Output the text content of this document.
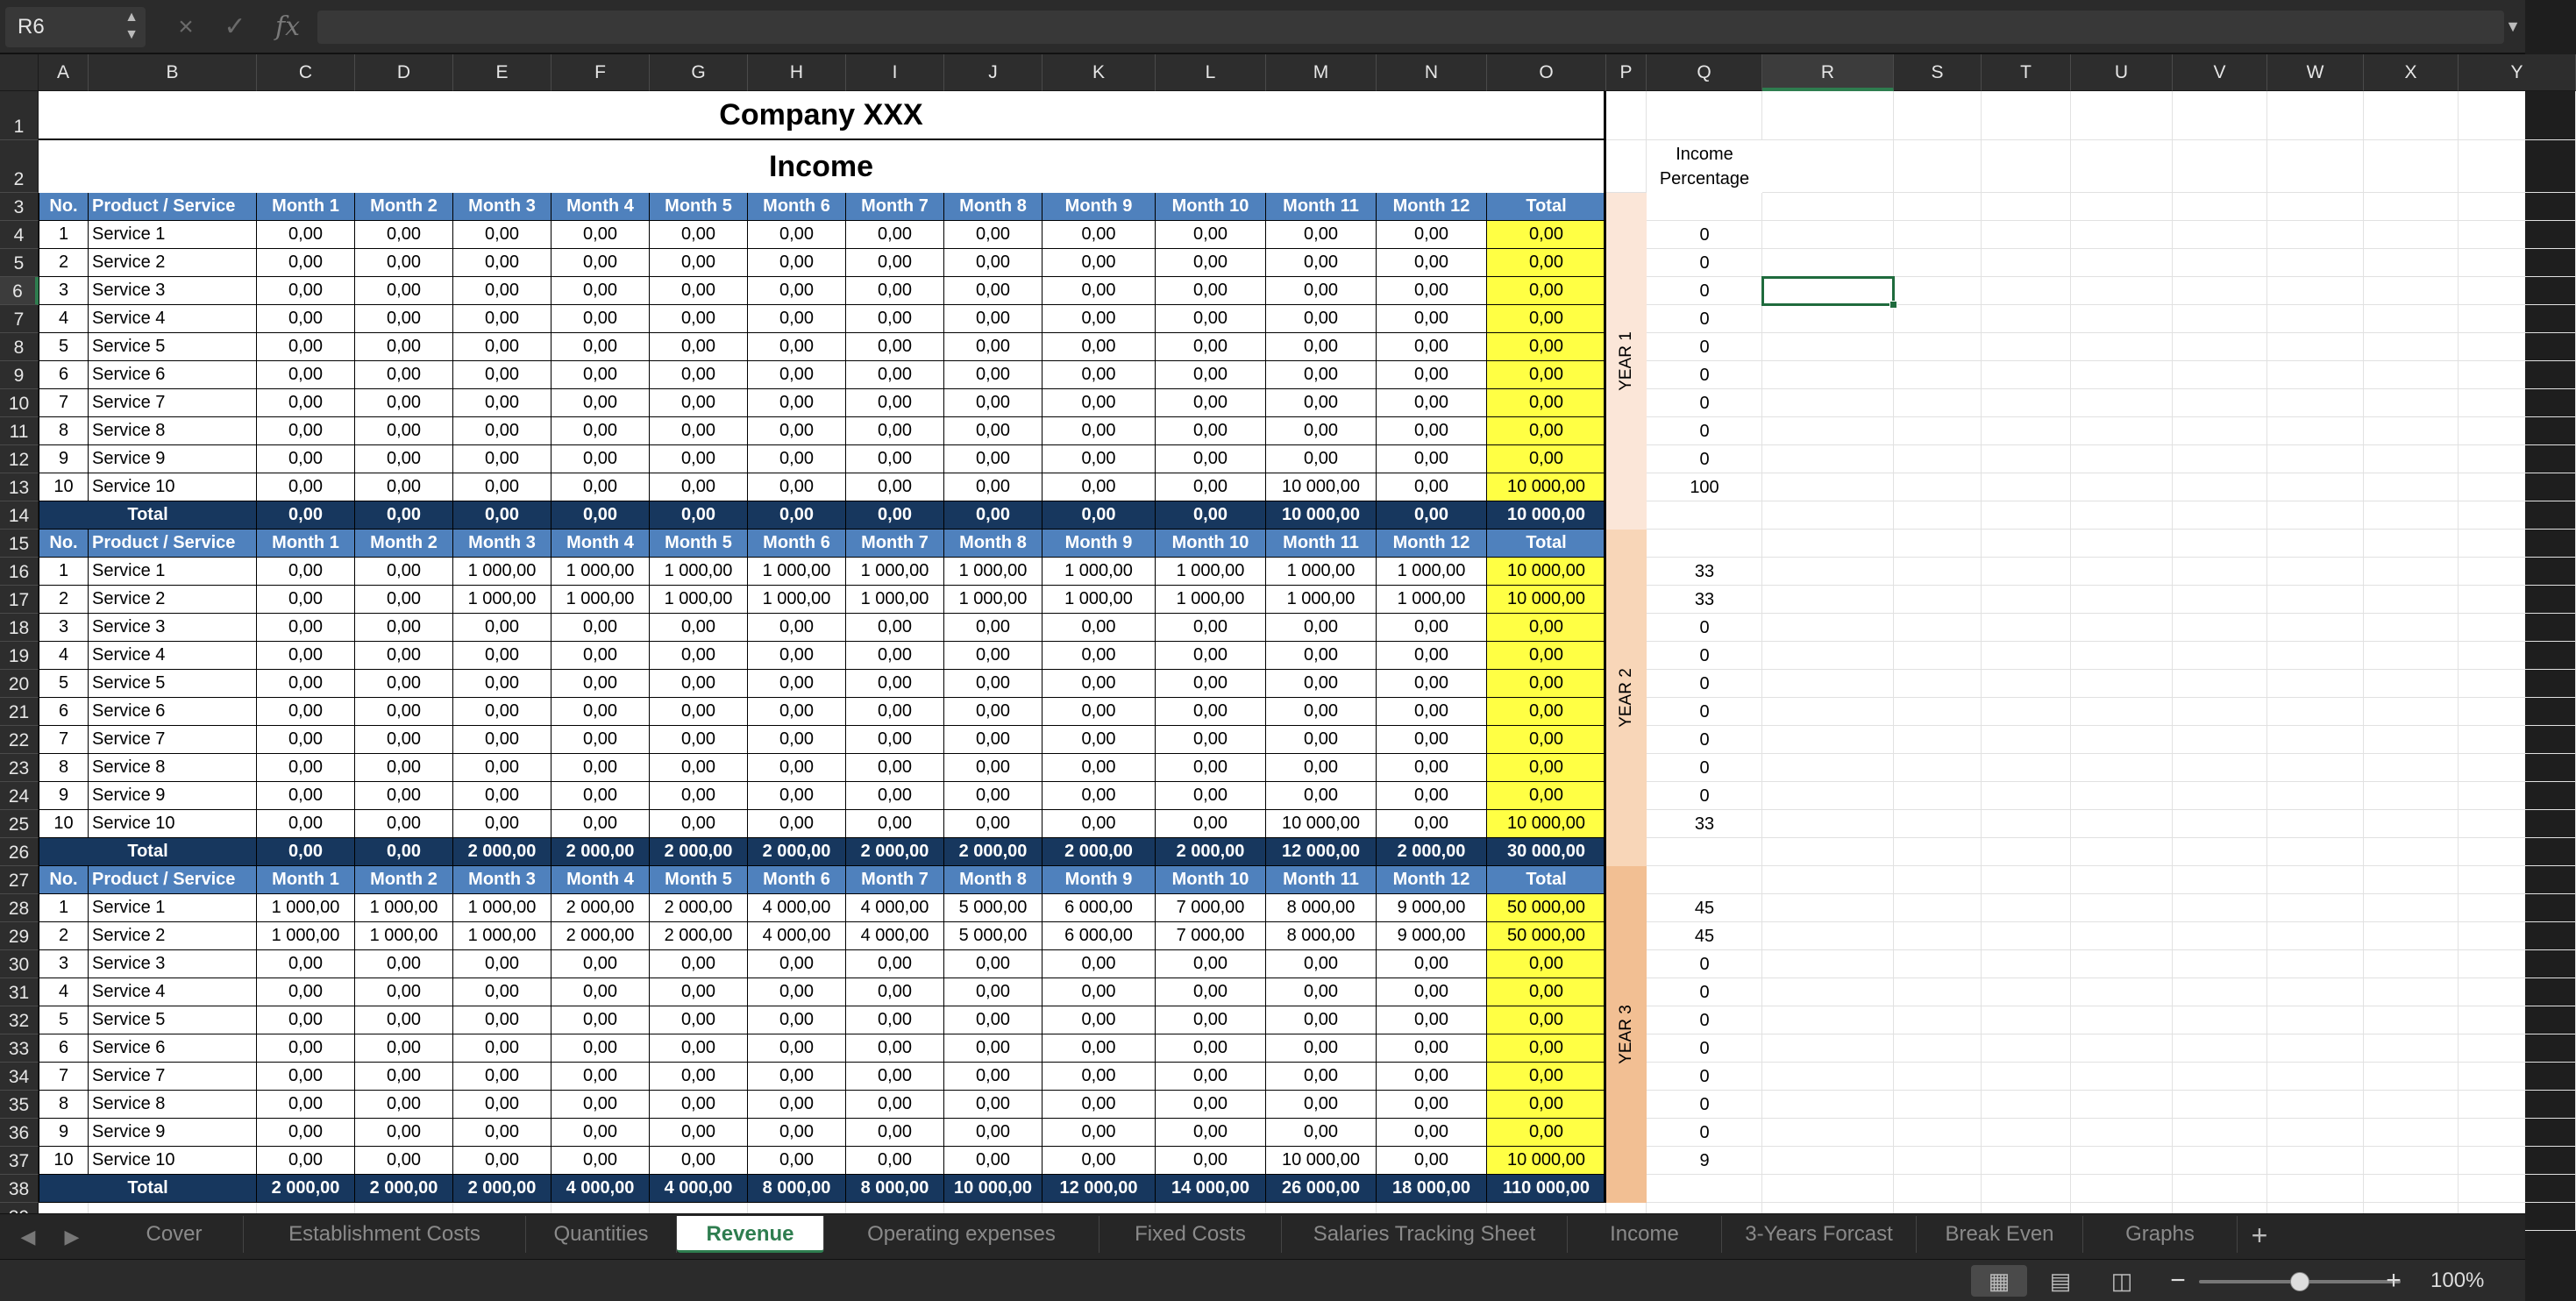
R6	▲
▼	×	✓	fx	▼
A	B	C	D	E	F	G	H	I	J	K	L	M	N	O	P	Q	R	S	T	U	V	W	X	Y
1
2
3
4
5
6
7
8
9
10
11
12
13
14
15
16
17
18
19
20
21
22
23
24
25
26
27
28
29
30
31
32
33
34
35
36
37
38
Company XXX
Income	Income Percentage
No. Product / Service	Month 1	Month 2	Month 3	Month 4	Month 5	Month 6	Month 7	Month 8	Month 9	Month 10	Month 11	Month 12	Total
1	Service 1	0,00	0,00	0,00	0,00	0,00	0,00	0,00	0,00	0,00	0,00	0,00	0,00	0,00	0
2	Service 2	0,00	0,00	0,00	0,00	0,00	0,00	0,00	0,00	0,00	0,00	0,00	0,00	0,00	0
3	Service 3	0,00	0,00	0,00	0,00	0,00	0,00	0,00	0,00	0,00	0,00	0,00	0,00	0,00	0
4	Service 4	0,00	0,00	0,00	0,00	0,00	0,00	0,00	0,00	0,00	0,00	0,00	0,00	0,00	0
5	Service 5	0,00	0,00	0,00	0,00	0,00	0,00	0,00	0,00	0,00	0,00	0,00	0,00	0,00	0
6	Service 6	0,00	0,00	0,00	0,00	0,00	0,00	0,00	0,00	0,00	0,00	0,00	0,00	0,00	0
7	Service 7	0,00	0,00	0,00	0,00	0,00	0,00	0,00	0,00	0,00	0,00	0,00	0,00	0,00	0
8	Service 8	0,00	0,00	0,00	0,00	0,00	0,00	0,00	0,00	0,00	0,00	0,00	0,00	0,00	0
9	Service 9	0,00	0,00	0,00	0,00	0,00	0,00	0,00	0,00	0,00	0,00	0,00	0,00	0,00	0
10	Service 10	0,00	0,00	0,00	0,00	0,00	0,00	0,00	0,00	0,00	0,00	10 000,00	0,00	10 000,00	100
Total	0,00	0,00	0,00	0,00	0,00	0,00	0,00	0,00	0,00	0,00	10 000,00	0,00	10 000,00
YEAR 1
No. Product / Service	Month 1	Month 2	Month 3	Month 4	Month 5	Month 6	Month 7	Month 8	Month 9	Month 10	Month 11	Month 12	Total
1	Service 1	0,00	0,00	1 000,00	1 000,00	1 000,00	1 000,00	1 000,00	1 000,00	1 000,00	1 000,00	1 000,00	1 000,00	10 000,00	33
2	Service 2	0,00	0,00	1 000,00	1 000,00	1 000,00	1 000,00	1 000,00	1 000,00	1 000,00	1 000,00	1 000,00	1 000,00	10 000,00	33
3	Service 3	0,00	0,00	0,00	0,00	0,00	0,00	0,00	0,00	0,00	0,00	0,00	0,00	0,00	0
4	Service 4	0,00	0,00	0,00	0,00	0,00	0,00	0,00	0,00	0,00	0,00	0,00	0,00	0,00	0
5	Service 5	0,00	0,00	0,00	0,00	0,00	0,00	0,00	0,00	0,00	0,00	0,00	0,00	0,00	0
6	Service 6	0,00	0,00	0,00	0,00	0,00	0,00	0,00	0,00	0,00	0,00	0,00	0,00	0,00	0
7	Service 7	0,00	0,00	0,00	0,00	0,00	0,00	0,00	0,00	0,00	0,00	0,00	0,00	0,00	0
8	Service 8	0,00	0,00	0,00	0,00	0,00	0,00	0,00	0,00	0,00	0,00	0,00	0,00	0,00	0
9	Service 9	0,00	0,00	0,00	0,00	0,00	0,00	0,00	0,00	0,00	0,00	0,00	0,00	0,00	0
10	Service 10	0,00	0,00	0,00	0,00	0,00	0,00	0,00	0,00	0,00	0,00	10 000,00	0,00	10 000,00	33
Total	0,00	0,00	2 000,00	2 000,00	2 000,00	2 000,00	2 000,00	2 000,00	2 000,00	2 000,00	12 000,00	2 000,00	30 000,00
YEAR 2
No. Product / Service	Month 1	Month 2	Month 3	Month 4	Month 5	Month 6	Month 7	Month 8	Month 9	Month 10	Month 11	Month 12	Total
1	Service 1	1 000,00	1 000,00	1 000,00	2 000,00	2 000,00	4 000,00	4 000,00	5 000,00	6 000,00	7 000,00	8 000,00	9 000,00	50 000,00	45
2	Service 2	1 000,00	1 000,00	1 000,00	2 000,00	2 000,00	4 000,00	4 000,00	5 000,00	6 000,00	7 000,00	8 000,00	9 000,00	50 000,00	45
3	Service 3	0,00	0,00	0,00	0,00	0,00	0,00	0,00	0,00	0,00	0,00	0,00	0,00	0,00	0
4	Service 4	0,00	0,00	0,00	0,00	0,00	0,00	0,00	0,00	0,00	0,00	0,00	0,00	0,00	0
5	Service 5	0,00	0,00	0,00	0,00	0,00	0,00	0,00	0,00	0,00	0,00	0,00	0,00	0,00	0
6	Service 6	0,00	0,00	0,00	0,00	0,00	0,00	0,00	0,00	0,00	0,00	0,00	0,00	0,00	0
7	Service 7	0,00	0,00	0,00	0,00	0,00	0,00	0,00	0,00	0,00	0,00	0,00	0,00	0,00	0
8	Service 8	0,00	0,00	0,00	0,00	0,00	0,00	0,00	0,00	0,00	0,00	0,00	0,00	0,00	0
9	Service 9	0,00	0,00	0,00	0,00	0,00	0,00	0,00	0,00	0,00	0,00	0,00	0,00	0,00	0
10	Service 10	0,00	0,00	0,00	0,00	0,00	0,00	0,00	0,00	0,00	0,00	10 000,00	0,00	10 000,00	9
Total	2 000,00	2 000,00	2 000,00	4 000,00	4 000,00	8 000,00	8 000,00	10 000,00	12 000,00	14 000,00	26 000,00	18 000,00	110 000,00
YEAR 3
◀	▶	Cover	Establishment Costs	Quantities	Revenue	Operating expenses	Fixed Costs	Salaries Tracking Sheet	Income	3-Years Forcast	Break Even	Graphs	+
▦	▤	◫	−	+	100%
